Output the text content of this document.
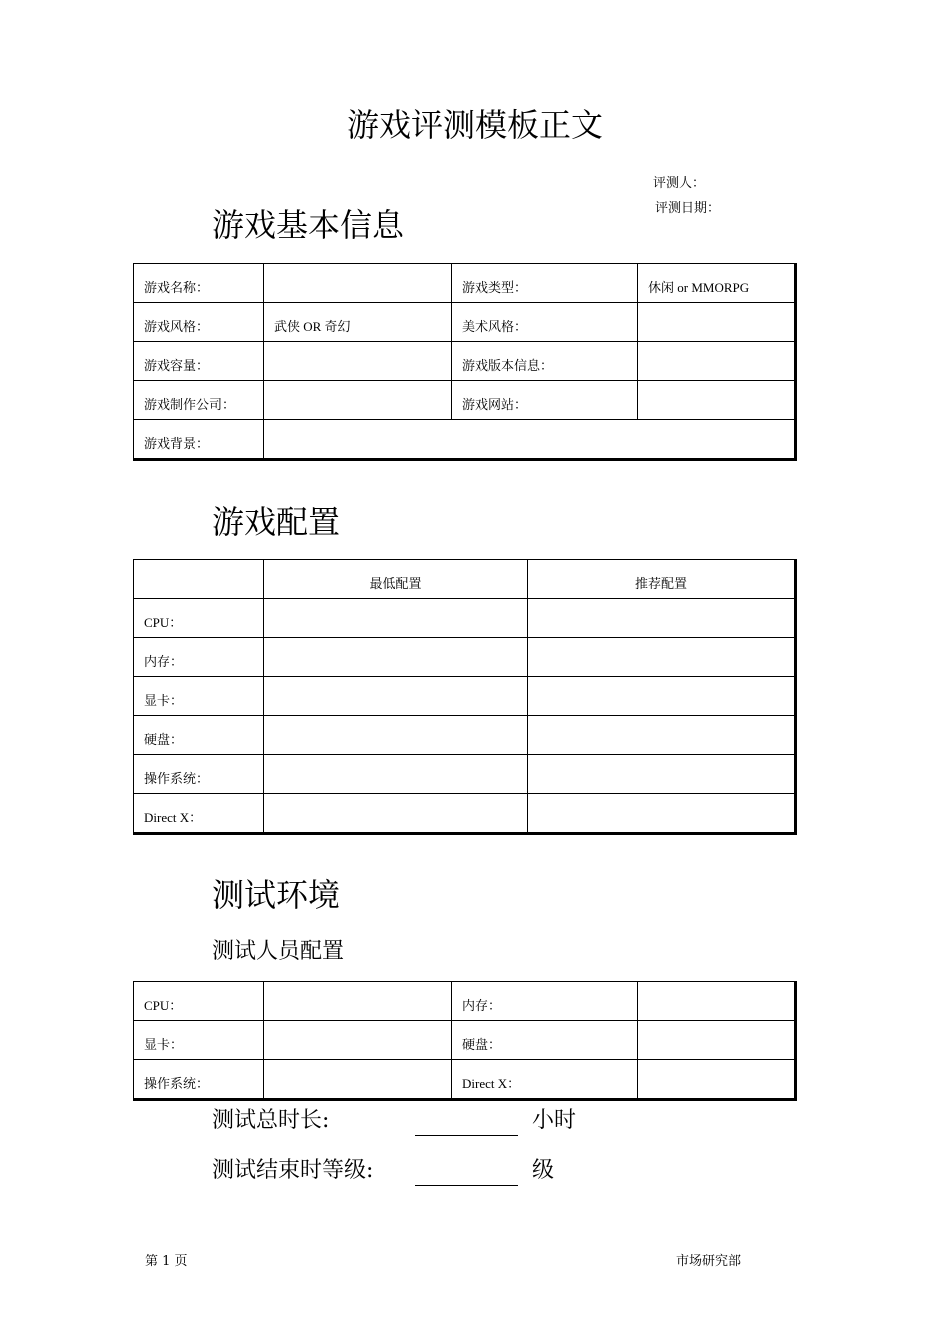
游戏评测模板正文
评测人：
评测日期：
游戏基本信息
游戏名称：		游戏类型：	休闲 or MMORPG
游戏风格：	武侠 OR 奇幻	美术风格：	
游戏容量：		游戏版本信息：	
游戏制作公司：		游戏网站：	
游戏背景：			
游戏配置
	最低配置	推荐配置
CPU：		
内存：		
显卡：		
硬盘：		
操作系统：		
Direct X：		
测试环境
测试人员配置
CPU：		内存：	
显卡：		硬盘：	
操作系统：		Direct X：	
测试总时长:	小时
测试结束时等级:	级
第 1 页	市场研究部
